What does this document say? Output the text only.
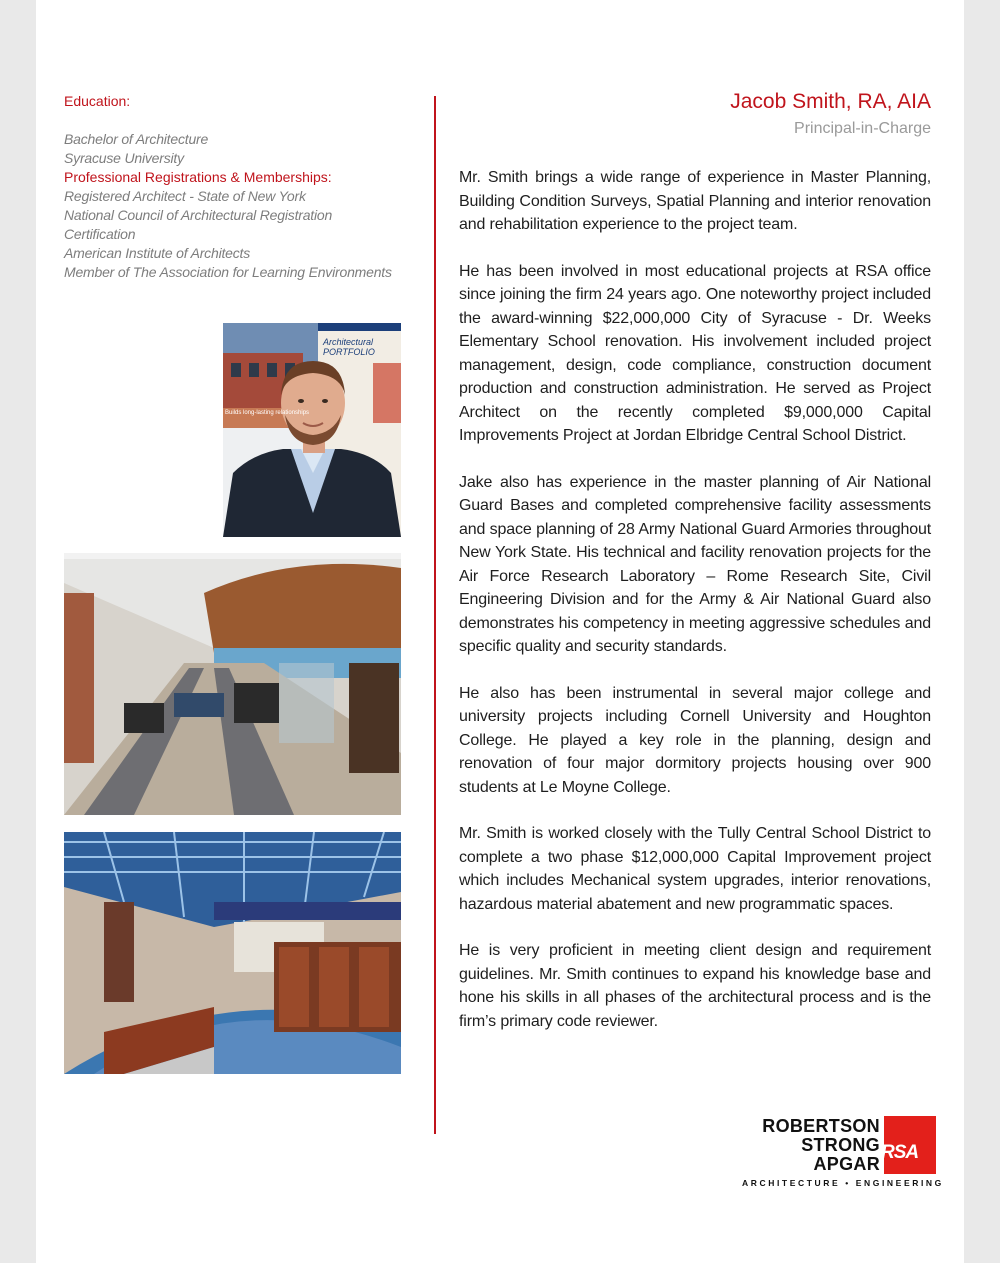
Education:
Bachelor of Architecture
Syracuse University
Professional Registrations & Memberships:
Registered Architect - State of New York
National Council of Architectural Registration
Certification
American Institute of Architects
Member of The Association for Learning Environments
Architectural PORTFOLIO
Builds long-lasting relationships
Jacob Smith, RA, AIA
Principal-in-Charge

Mr. Smith brings a wide range of experience in Master Planning, Building Condition Surveys, Spatial Planning and interior renovation and rehabilitation experience to the project team.

He has been involved in most educational projects at RSA office since joining the firm 24 years ago. One noteworthy project included the award-winning $22,000,000 City of Syracuse - Dr. Weeks Elementary School renovation. His involvement included project management, design, code compliance, construction document production and construction administration. He served as Project Architect on the recently completed $9,000,000 Capital Improvements Project at Jordan Elbridge Central School District.

Jake also has experience in the master planning of Air National Guard Bases and completed comprehensive facility assessments and space planning of 28 Army National Guard Armories throughout New York State. His technical and facility renovation projects for the Air Force Research Laboratory – Rome Research Site, Civil Engineering Division and for the Army & Air National Guard also demonstrates his competency in meeting aggressive schedules and specific quality and security standards.

He also has been instrumental in several major college and university projects including Cornell University and Houghton College. He played a key role in the planning, design and renovation of four major dormitory projects housing over 900 students at Le Moyne College.

Mr. Smith is worked closely with the Tully Central School District to complete a two phase $12,000,000 Capital Improvement project which includes Mechanical system upgrades, interior renovations, hazardous material abatement and new programmatic spaces.

He is very proficient in meeting client design and requirement guidelines. Mr. Smith continues to expand his knowledge base and hone his skills in all phases of the architectural process and is the firm’s primary code reviewer.

ROBERTSON
STRONG
APGAR
RSA
ARCHITECTURE • ENGINEERING
